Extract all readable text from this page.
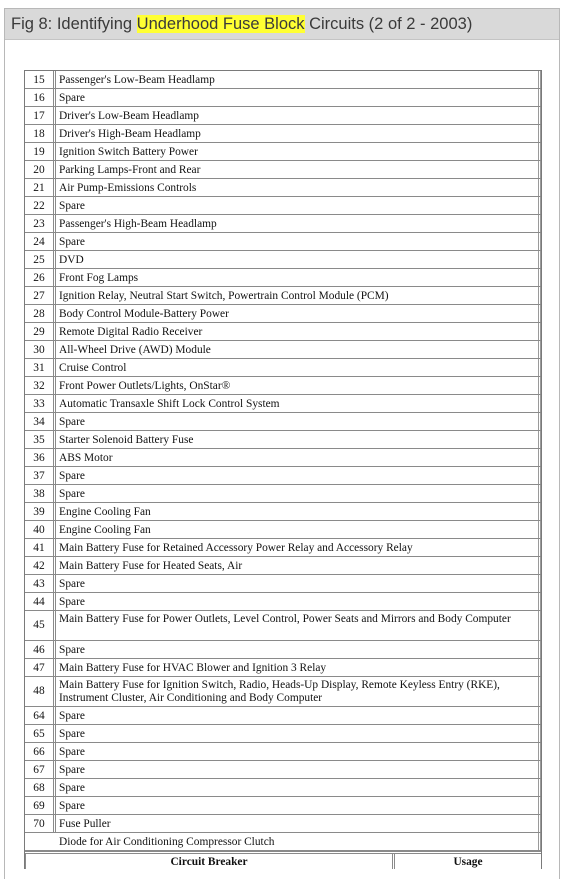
Fig 8: Identifying Underhood Fuse Block Circuits (2 of 2 - 2003)
15	Passenger's Low-Beam Headlamp
16	Spare
17	Driver's Low-Beam Headlamp
18	Driver's High-Beam Headlamp
19	Ignition Switch Battery Power
20	Parking Lamps-Front and Rear
21	Air Pump-Emissions Controls
22	Spare
23	Passenger's High-Beam Headlamp
24	Spare
25	DVD
26	Front Fog Lamps
27	Ignition Relay, Neutral Start Switch, Powertrain Control Module (PCM)
28	Body Control Module-Battery Power
29	Remote Digital Radio Receiver
30	All-Wheel Drive (AWD) Module
31	Cruise Control
32	Front Power Outlets/Lights, OnStar®
33	Automatic Transaxle Shift Lock Control System
34	Spare
35	Starter Solenoid Battery Fuse
36	ABS Motor
37	Spare
38	Spare
39	Engine Cooling Fan
40	Engine Cooling Fan
41	Main Battery Fuse for Retained Accessory Power Relay and Accessory Relay
42	Main Battery Fuse for Heated Seats, Air
43	Spare
44	Spare
45	Main Battery Fuse for Power Outlets, Level Control, Power Seats and Mirrors and Body Computer
46	Spare
47	Main Battery Fuse for HVAC Blower and Ignition 3 Relay
48	Main Battery Fuse for Ignition Switch, Radio, Heads-Up Display, Remote Keyless Entry (RKE), Instrument Cluster, Air Conditioning and Body Computer
64	Spare
65	Spare
66	Spare
67	Spare
68	Spare
69	Spare
70	Fuse Puller
Diode for Air Conditioning Compressor Clutch
Circuit Breaker	Usage
